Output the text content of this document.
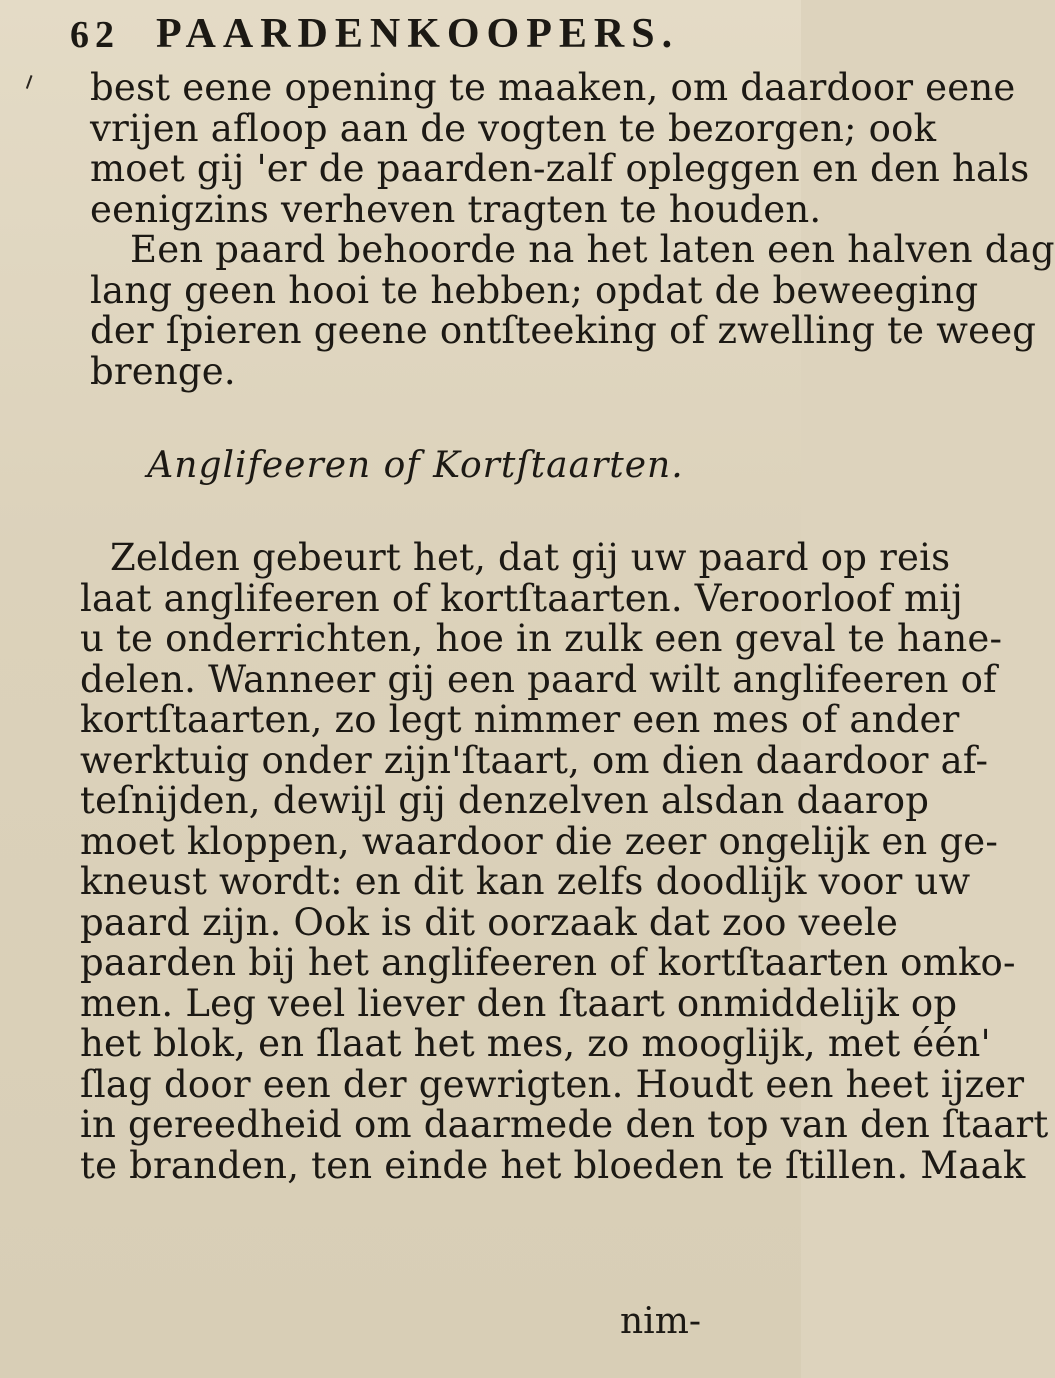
62 PAARDENKOOPERS.
best eene opening te maaken, om daardoor eene
vrijen afloop aan de vogten te bezorgen; ook
moet gij 'er de paarden-zalf opleggen en den hals
eenigzins verheven tragten te houden.
Een paard behoorde na het laten een halven dag
lang geen hooi te hebben; opdat de beweeging
der ſpieren geene ontſteeking of zwelling te weeg
brenge.
Anglifeeren of Kortſtaarten.
Zelden gebeurt het, dat gij uw paard op reis
laat anglifeeren of kortſtaarten. Veroorloof mij
u te onderrichten, hoe in zulk een geval te hane-
delen. Wanneer gij een paard wilt anglifeeren of
kortſtaarten, zo legt nimmer een mes of ander
werktuig onder zijn'ſtaart, om dien daardoor af-
teſnijden, dewijl gij denzelven alsdan daarop
moet kloppen, waardoor die zeer ongelijk en ge-
kneust wordt: en dit kan zelfs doodlijk voor uw
paard zijn. Ook is dit oorzaak dat zoo veele
paarden bij het anglifeeren of kortſtaarten omko-
men. Leg veel liever den ſtaart onmiddelijk op
het blok, en ſlaat het mes, zo mooglijk, met één'
ſlag door een der gewrigten. Houdt een heet ijzer
in gereedheid om daarmede den top van den ſtaart
te branden, ten einde het bloeden te ſtillen. Maak
nim-
